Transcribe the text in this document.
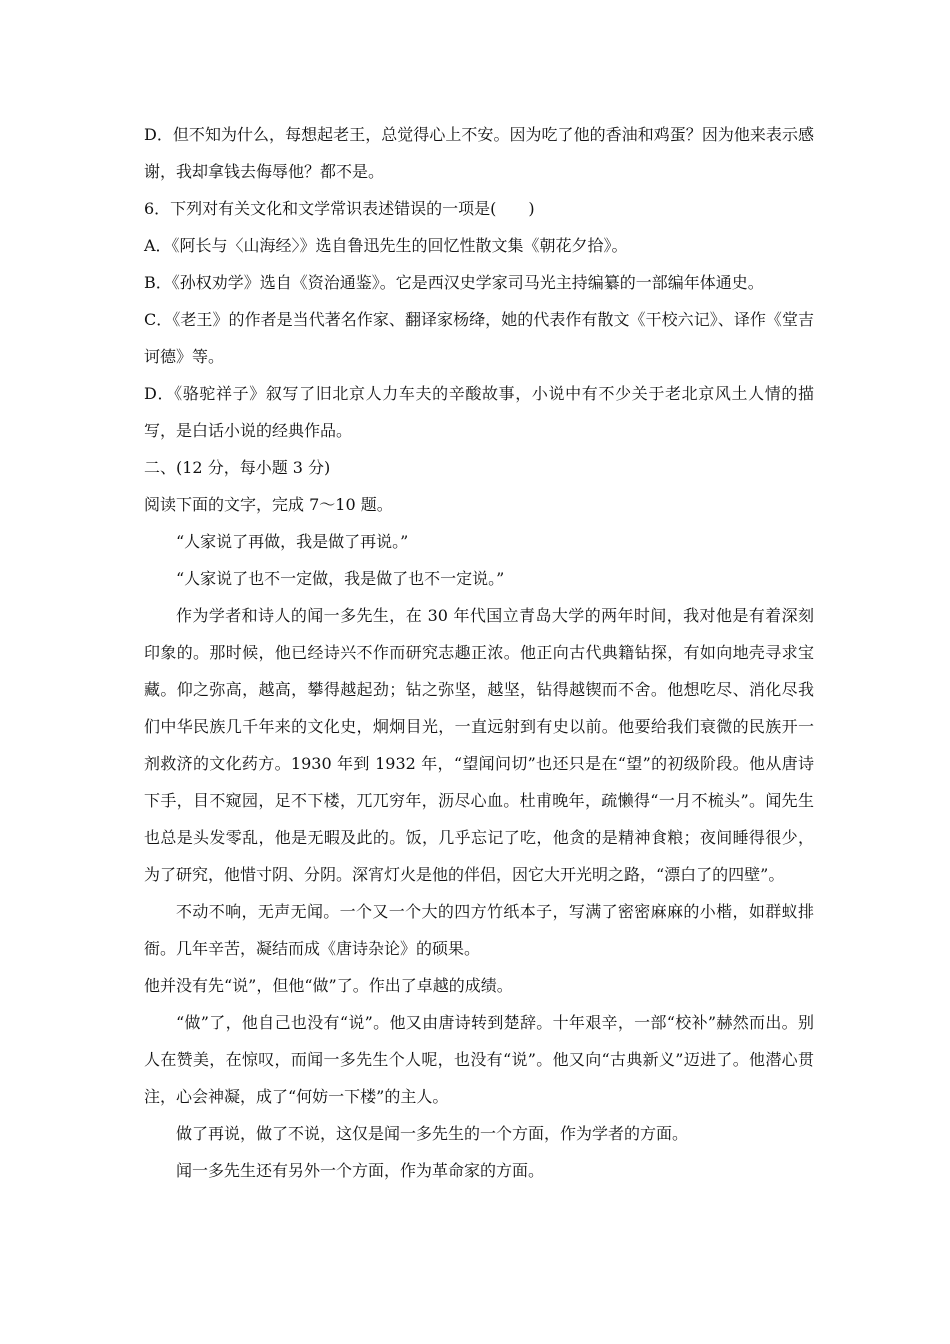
D．但不知为什么，每想起老王，总觉得心上不安。因为吃了他的香油和鸡蛋？因为他来表示感谢，我却拿钱去侮辱他？都不是。

6．下列对有关文化和文学常识表述错误的一项是(　　)

A．《阿长与〈山海经〉》选自鲁迅先生的回忆性散文集《朝花夕拾》。

B．《孙权劝学》选自《资治通鉴》。它是西汉史学家司马光主持编纂的一部编年体通史。

C．《老王》的作者是当代著名作家、翻译家杨绛，她的代表作有散文《干校六记》、译作《堂吉诃德》等。

D．《骆驼祥子》叙写了旧北京人力车夫的辛酸故事，小说中有不少关于老北京风土人情的描写，是白话小说的经典作品。

二、(12 分，每小题 3 分)

阅读下面的文字，完成 7～10 题。

“人家说了再做，我是做了再说。”

“人家说了也不一定做，我是做了也不一定说。”

作为学者和诗人的闻一多先生，在 30 年代国立青岛大学的两年时间，我对他是有着深刻印象的。那时候，他已经诗兴不作而研究志趣正浓。他正向古代典籍钻探，有如向地壳寻求宝藏。仰之弥高，越高，攀得越起劲；钻之弥坚，越坚，钻得越锲而不舍。他想吃尽、消化尽我们中华民族几千年来的文化史，炯炯目光，一直远射到有史以前。他要给我们衰微的民族开一剂救济的文化药方。1930 年到 1932 年，“望闻问切”也还只是在“望”的初级阶段。他从唐诗下手，目不窥园，足不下楼，兀兀穷年，沥尽心血。杜甫晚年，疏懒得“一月不梳头”。闻先生也总是头发零乱，他是无暇及此的。饭，几乎忘记了吃，他贪的是精神食粮；夜间睡得很少，为了研究，他惜寸阴、分阴。深宵灯火是他的伴侣，因它大开光明之路，“漂白了的四壁”。

不动不响，无声无闻。一个又一个大的四方竹纸本子，写满了密密麻麻的小楷，如群蚁排衙。几年辛苦，凝结而成《唐诗杂论》的硕果。

他并没有先“说”，但他“做”了。作出了卓越的成绩。

“做”了，他自己也没有“说”。他又由唐诗转到楚辞。十年艰辛，一部“校补”赫然而出。别人在赞美，在惊叹，而闻一多先生个人呢，也没有“说”。他又向“古典新义”迈进了。他潜心贯注，心会神凝，成了“何妨一下楼”的主人。

做了再说，做了不说，这仅是闻一多先生的一个方面，作为学者的方面。

闻一多先生还有另外一个方面，作为革命家的方面。
